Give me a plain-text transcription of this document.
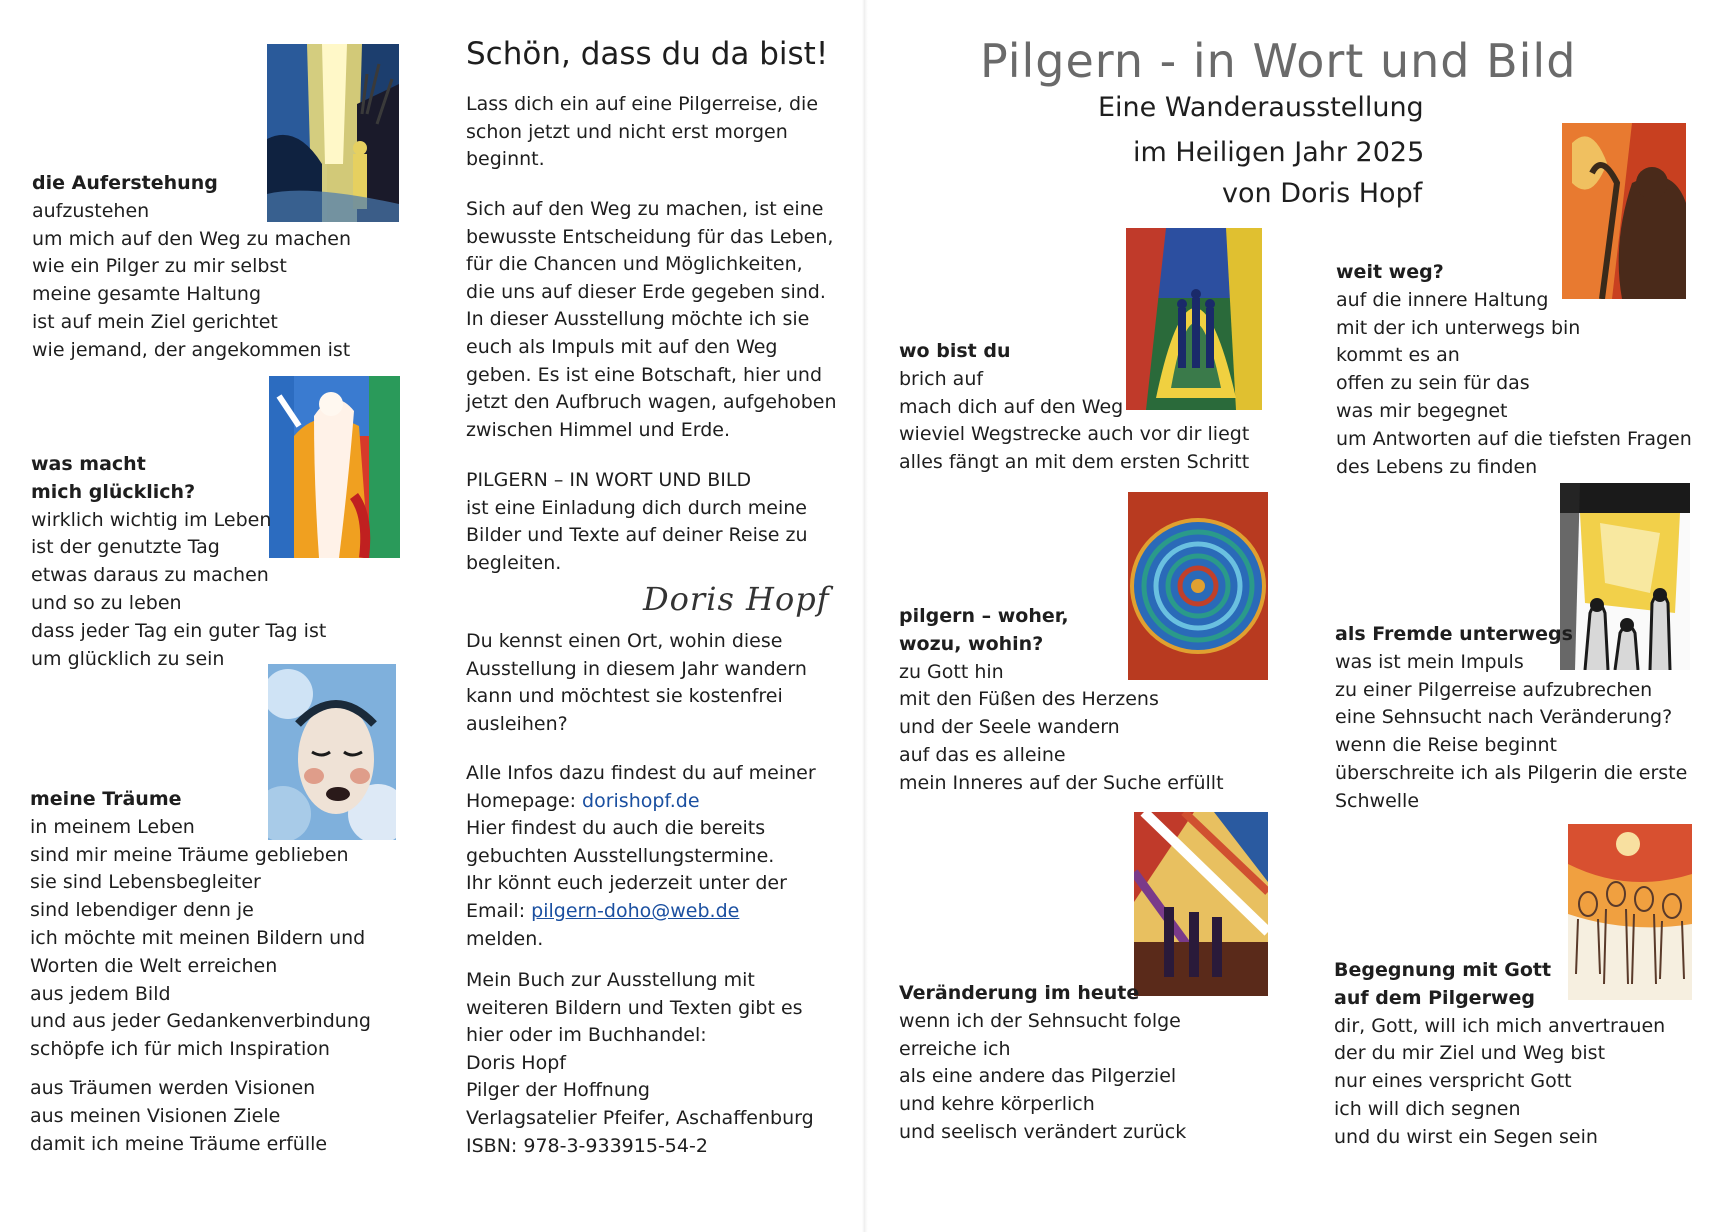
die Auferstehung
aufzustehen
um mich auf den Weg zu machen
wie ein Pilger zu mir selbst
meine gesamte Haltung
ist auf mein Ziel gerichtet
wie jemand, der angekommen ist
was macht
mich glücklich?
wirklich wichtig im Leben
ist der genutzte Tag
etwas daraus zu machen
und so zu leben
dass jeder Tag ein guter Tag ist
um glücklich zu sein
meine Träume
in meinem Leben
sind mir meine Träume geblieben
sie sind Lebensbegleiter
sind lebendiger denn je
ich möchte mit meinen Bildern und
Worten die Welt erreichen
aus jedem Bild
und aus jeder Gedankenverbindung
schöpfe ich für mich Inspiration
aus Träumen werden Visionen
aus meinen Visionen Ziele
damit ich meine Träume erfülle
Schön, dass du da bist!

Lass dich ein auf eine Pilgerreise, die

schon jetzt und nicht erst morgen

beginnt.

Sich auf den Weg zu machen, ist eine

bewusste Entscheidung für das Leben,

für die Chancen und Möglichkeiten,

die uns auf dieser Erde gegeben sind.

In dieser Ausstellung möchte ich sie

euch als Impuls mit auf den Weg

geben. Es ist eine Botschaft, hier und

jetzt den Aufbruch wagen, aufgehoben

zwischen Himmel und Erde.

PILGERN – IN WORT UND BILD

ist eine Einladung dich durch meine

Bilder und Texte auf deiner Reise zu

begleiten.

Doris Hopf

Du kennst einen Ort, wohin diese

Ausstellung in diesem Jahr wandern

kann und möchtest sie kostenfrei

ausleihen?

Alle Infos dazu findest du auf meiner

Homepage: dorishopf.de

Hier findest du auch die bereits

gebuchten Ausstellungstermine.

Ihr könnt euch jederzeit unter der

Email: pilgern-doho@web.de

melden.

Mein Buch zur Ausstellung mit

weiteren Bildern und Texten gibt es

hier oder im Buchhandel:

Doris Hopf

Pilger der Hoffnung

Verlagsatelier Pfeifer, Aschaffenburg

ISBN: 978-3-933915-54-2

Pilgern - in Wort und Bild
Eine Wanderausstellung
im Heiligen Jahr 2025
von Doris Hopf
wo bist du
brich auf
mach dich auf den Weg
wieviel Wegstrecke auch vor dir liegt
alles fängt an mit dem ersten Schritt
pilgern – woher,
wozu, wohin?
zu Gott hin
mit den Füßen des Herzens
und der Seele wandern
auf das es alleine
mein Inneres auf der Suche erfüllt
Veränderung im heute
wenn ich der Sehnsucht folge
erreiche ich
als eine andere das Pilgerziel
und kehre körperlich
und seelisch verändert zurück
weit weg?
auf die innere Haltung
mit der ich unterwegs bin
kommt es an
offen zu sein für das
was mir begegnet
um Antworten auf die tiefsten Fragen
des Lebens zu finden
als Fremde unterwegs
was ist mein Impuls
zu einer Pilgerreise aufzubrechen
eine Sehnsucht nach Veränderung?
wenn die Reise beginnt
überschreite ich als Pilgerin die erste
Schwelle
Begegnung mit Gott
auf dem Pilgerweg
dir, Gott, will ich mich anvertrauen
der du mir Ziel und Weg bist
nur eines verspricht Gott
ich will dich segnen
und du wirst ein Segen sein
